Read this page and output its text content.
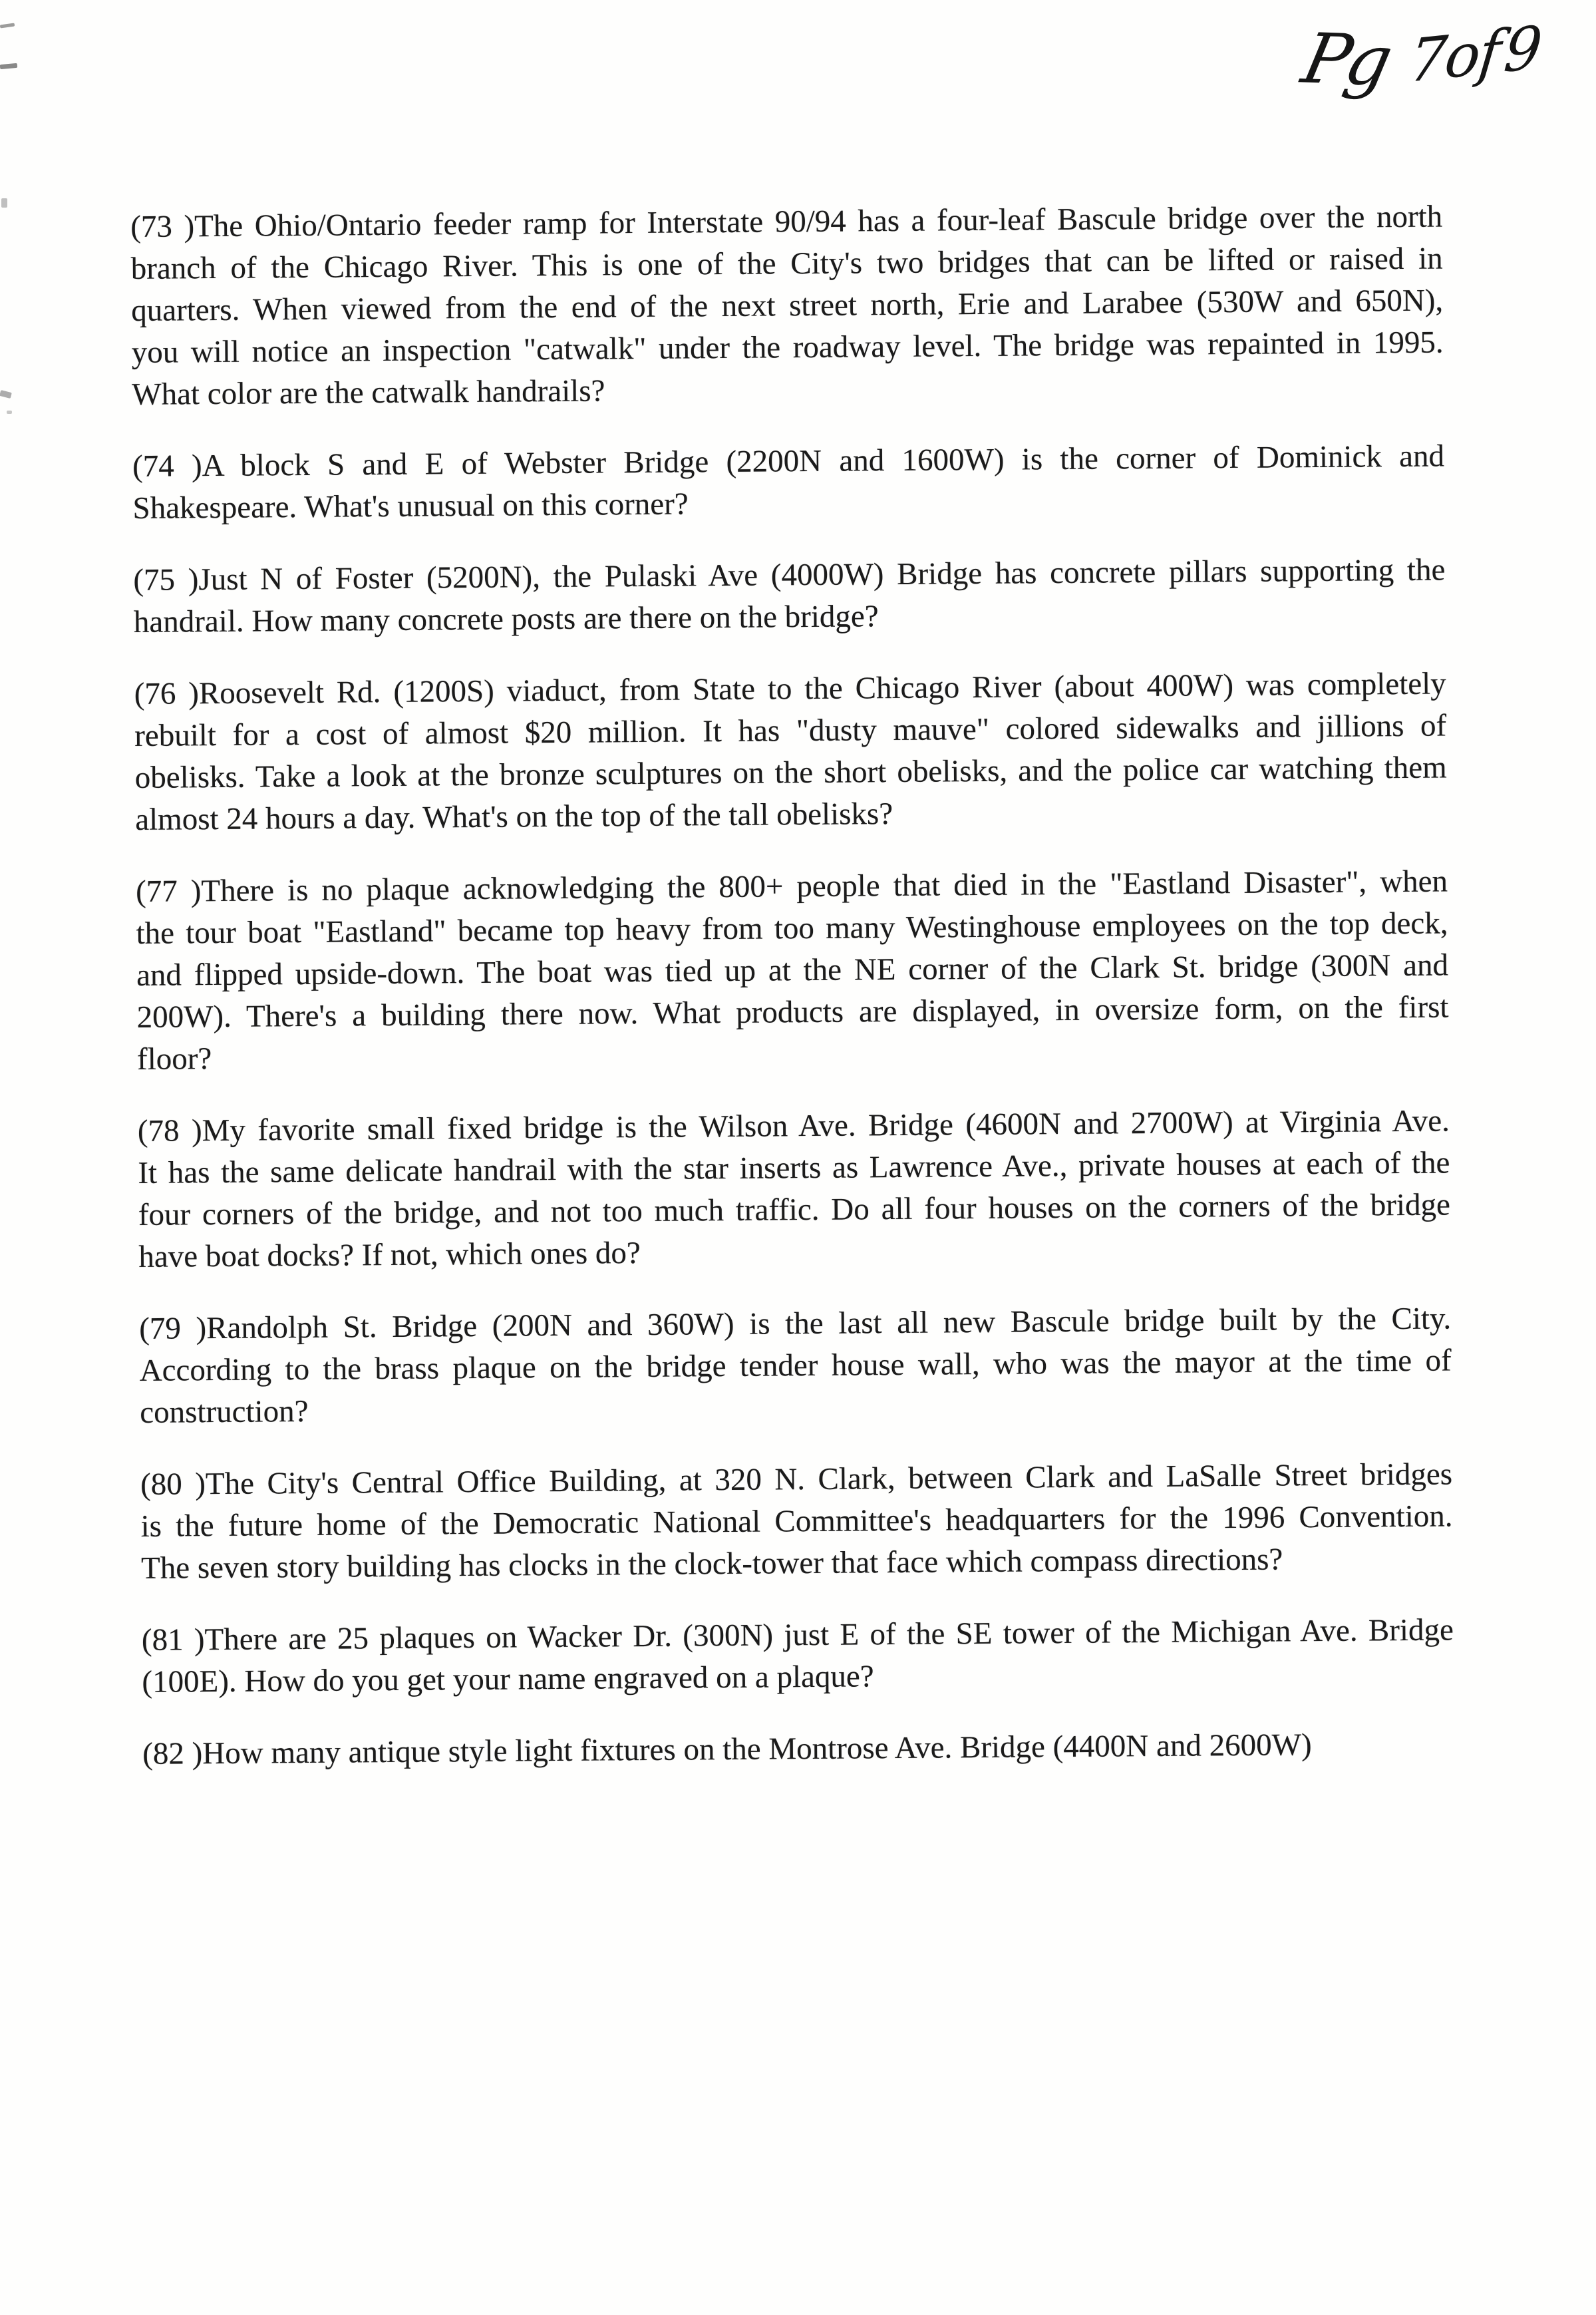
Pg 7of 9
(73 )The Ohio/Ontario feeder ramp for Interstate 90/94 has a four-leaf Bascule bridge over the north
branch of the Chicago River. This is one of the City's two bridges that can be lifted or raised in
quarters. When viewed from the end of the next street north, Erie and Larabee (530W and 650N),
you will notice an inspection "catwalk" under the roadway level. The bridge was repainted in 1995.
What color are the catwalk handrails?
(74 )A block S and E of Webster Bridge (2200N and 1600W) is the corner of Dominick and
Shakespeare. What's unusual on this corner?
(75 )Just N of Foster (5200N), the Pulaski Ave (4000W) Bridge has concrete pillars supporting the
handrail. How many concrete posts are there on the bridge?
(76 )Roosevelt Rd. (1200S) viaduct, from State to the Chicago River (about 400W) was completely
rebuilt for a cost of almost $20 million. It has "dusty mauve" colored sidewalks and jillions of
obelisks. Take a look at the bronze sculptures on the short obelisks, and the police car watching them
almost 24 hours a day. What's on the top of the tall obelisks?
(77 )There is no plaque acknowledging the 800+ people that died in the "Eastland Disaster", when
the tour boat "Eastland" became top heavy from too many Westinghouse employees on the top deck,
and flipped upside-down. The boat was tied up at the NE corner of the Clark St. bridge (300N and
200W). There's a building there now. What products are displayed, in oversize form, on the first
floor?
(78 )My favorite small fixed bridge is the Wilson Ave. Bridge (4600N and 2700W) at Virginia Ave.
It has the same delicate handrail with the star inserts as Lawrence Ave., private houses at each of the
four corners of the bridge, and not too much traffic. Do all four houses on the corners of the bridge
have boat docks? If not, which ones do?
(79 )Randolph St. Bridge (200N and 360W) is the last all new Bascule bridge built by the City.
According to the brass plaque on the bridge tender house wall, who was the mayor at the time of
construction?
(80 )The City's Central Office Building, at 320 N. Clark, between Clark and LaSalle Street bridges
is the future home of the Democratic National Committee's headquarters for the 1996 Convention.
The seven story building has clocks in the clock-tower that face which compass directions?
(81 )There are 25 plaques on Wacker Dr. (300N) just E of the SE tower of the Michigan Ave. Bridge
(100E). How do you get your name engraved on a plaque?
(82 )How many antique style light fixtures on the Montrose Ave. Bridge (4400N and 2600W)
